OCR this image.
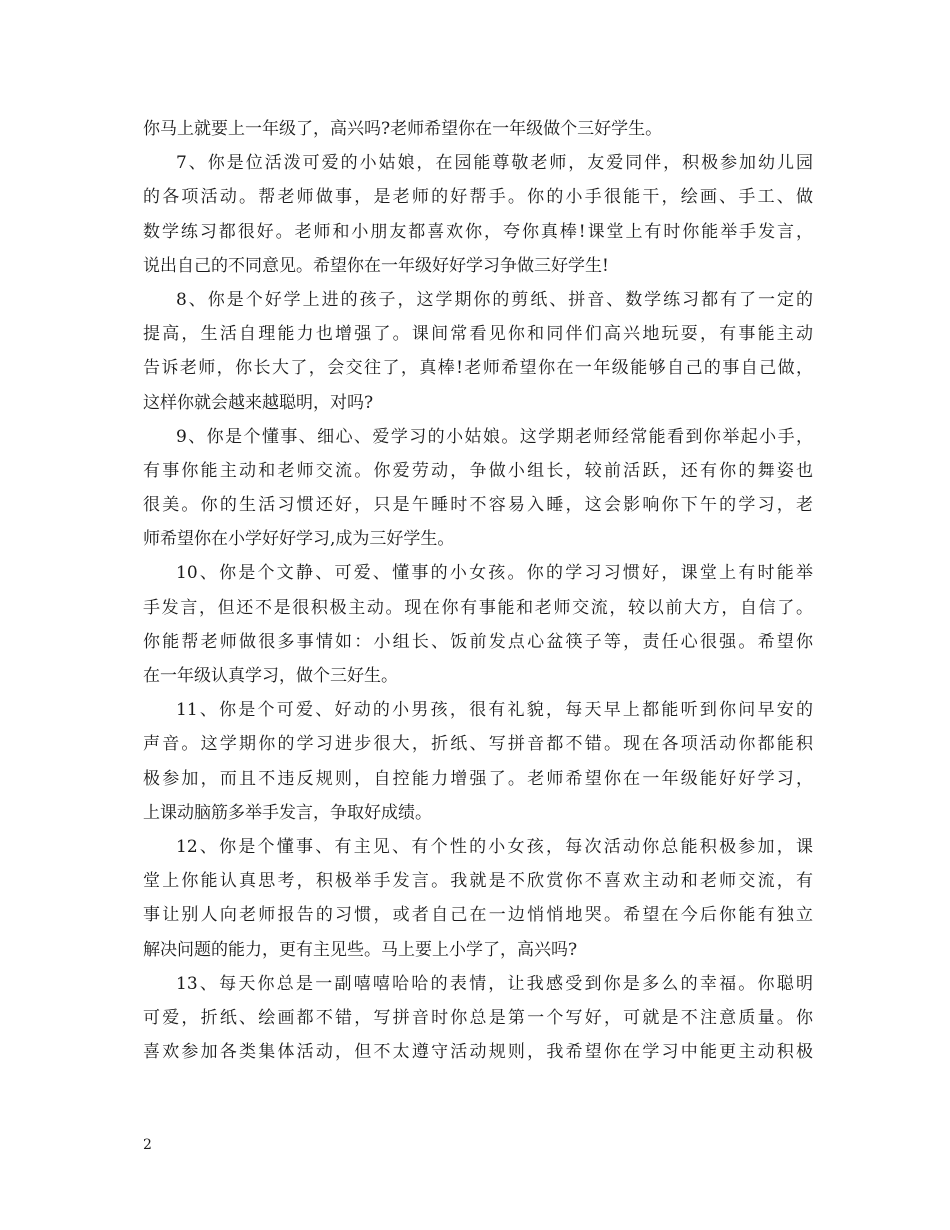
你马上就要上一年级了，高兴吗?老师希望你在一年级做个三好学生。
7、你是位活泼可爱的小姑娘，在园能尊敬老师，友爱同伴，积极参加幼儿园
的各项活动。帮老师做事，是老师的好帮手。你的小手很能干，绘画、手工、做
数学练习都很好。老师和小朋友都喜欢你，夸你真棒!课堂上有时你能举手发言，
说出自己的不同意见。希望你在一年级好好学习争做三好学生!
8、你是个好学上进的孩子，这学期你的剪纸、拼音、数学练习都有了一定的
提高，生活自理能力也增强了。课间常看见你和同伴们高兴地玩耍，有事能主动
告诉老师，你长大了，会交往了，真棒!老师希望你在一年级能够自己的事自己做，
这样你就会越来越聪明，对吗?
9、你是个懂事、细心、爱学习的小姑娘。这学期老师经常能看到你举起小手，
有事你能主动和老师交流。你爱劳动，争做小组长，较前活跃，还有你的舞姿也
很美。你的生活习惯还好，只是午睡时不容易入睡，这会影响你下午的学习，老
师希望你在小学好好学习,成为三好学生。
10、你是个文静、可爱、懂事的小女孩。你的学习习惯好，课堂上有时能举
手发言，但还不是很积极主动。现在你有事能和老师交流，较以前大方，自信了。
你能帮老师做很多事情如：小组长、饭前发点心盆筷子等，责任心很强。希望你
在一年级认真学习，做个三好生。
11、你是个可爱、好动的小男孩，很有礼貌，每天早上都能听到你问早安的
声音。这学期你的学习进步很大，折纸、写拼音都不错。现在各项活动你都能积
极参加，而且不违反规则，自控能力增强了。老师希望你在一年级能好好学习，
上课动脑筋多举手发言，争取好成绩。
12、你是个懂事、有主见、有个性的小女孩，每次活动你总能积极参加，课
堂上你能认真思考，积极举手发言。我就是不欣赏你不喜欢主动和老师交流，有
事让别人向老师报告的习惯，或者自己在一边悄悄地哭。希望在今后你能有独立
解决问题的能力，更有主见些。马上要上小学了，高兴吗?
13、每天你总是一副嘻嘻哈哈的表情，让我感受到你是多么的幸福。你聪明
可爱，折纸、绘画都不错，写拼音时你总是第一个写好，可就是不注意质量。你
喜欢参加各类集体活动，但不太遵守活动规则，我希望你在学习中能更主动积极
2
